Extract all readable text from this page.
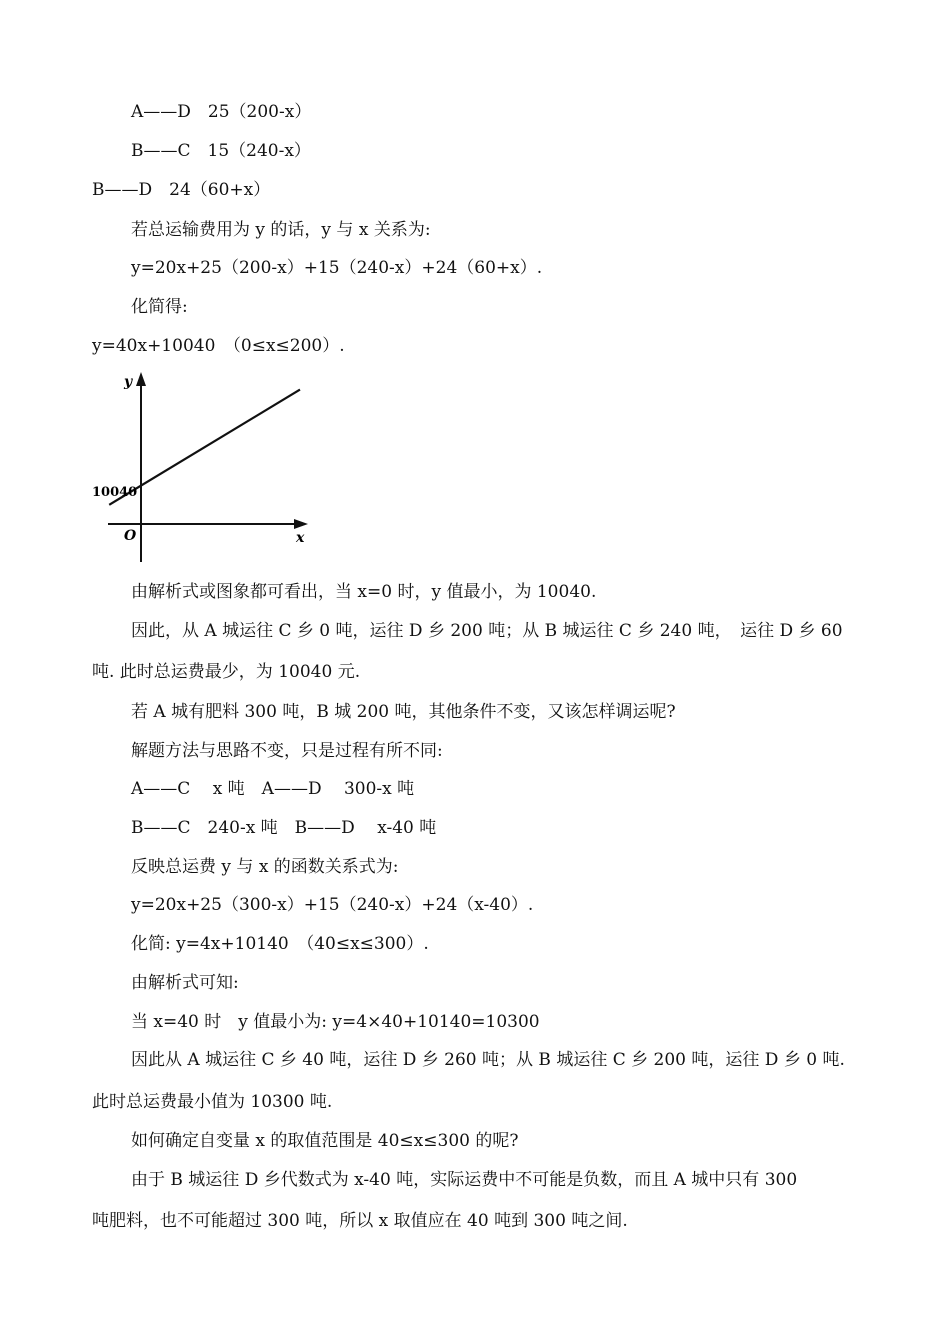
A——D　25（200-x）
B——C　15（240-x）
B——D　24（60+x）
若总运输费用为 y 的话，y 与 x 关系为:
y=20x+25（200-x）+15（240-x）+24（60+x）.
化简得:
y=40x+10040　（0≤x≤200）.
由解析式或图象都可看出，当 x=0 时，y 值最小，为 10040.
因此，从 A 城运往 C 乡 0 吨，运往 D 乡 200 吨；从 B 城运往 C 乡 240 吨，　运往 D 乡 60
吨. 此时总运费最少，为 10040 元.
若 A 城有肥料 300 吨，B 城 200 吨，其他条件不变，又该怎样调运呢?
解题方法与思路不变，只是过程有所不同:
A——C　 x 吨　A——D　 300-x 吨
B——C　240-x 吨　B——D　 x-40 吨
反映总运费 y 与 x 的函数关系式为:
y=20x+25（300-x）+15（240-x）+24（x-40）.
化简: y=4x+10140　（40≤x≤300）.
由解析式可知:
当 x=40 时　y 值最小为: y=4×40+10140=10300
因此从 A 城运往 C 乡 40 吨，运往 D 乡 260 吨；从 B 城运往 C 乡 200 吨，运往 D 乡 0 吨.
此时总运费最小值为 10300 吨.
如何确定自变量 x 的取值范围是 40≤x≤300 的呢?
由于 B 城运往 D 乡代数式为 x-40 吨，实际运费中不可能是负数，而且 A 城中只有 300
吨肥料，也不可能超过 300 吨，所以 x 取值应在 40 吨到 300 吨之间.
y
x
O
10040
